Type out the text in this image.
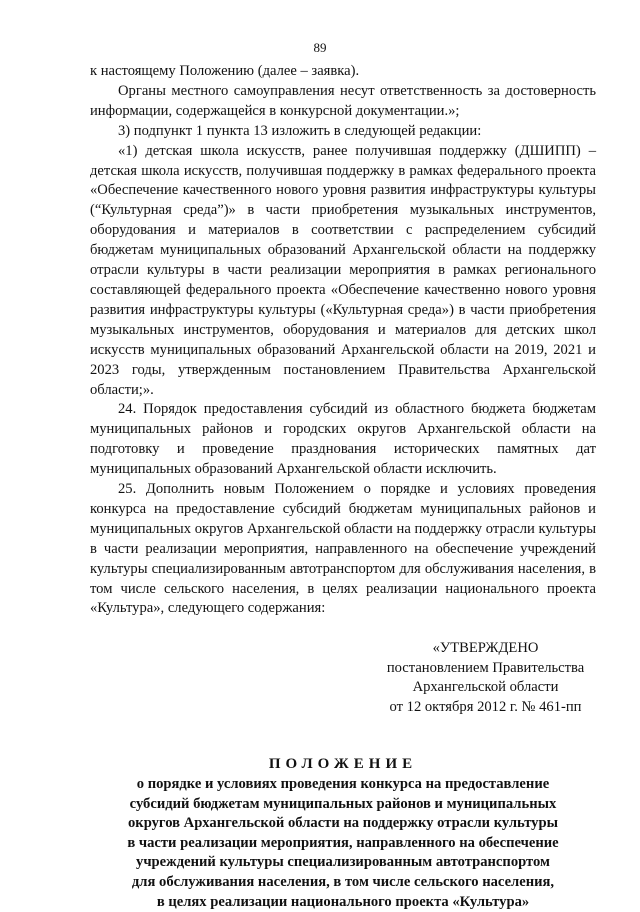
89

к настоящему Положению (далее – заявка).

Органы местного самоуправления несут ответственность за достоверность информации, содержащейся в конкурсной документации.»;

3) подпункт 1 пункта 13 изложить в следующей редакции:

«1) детская школа искусств, ранее получившая поддержку (ДШИПП) – детская школа искусств, получившая поддержку в рамках федерального проекта «Обеспечение качественного нового уровня развития инфраструктуры культуры (“Культурная среда”)» в части приобретения музыкальных инструментов, оборудования и материалов в соответствии с распределением субсидий бюджетам муниципальных образований Архангельской области на поддержку отрасли культуры в части реализации мероприятия в рамках регионального составляющей федерального проекта «Обеспечение качественно нового уровня развития инфраструктуры культуры («Культурная среда») в части приобретения музыкальных инструментов, оборудования и материалов для детских школ искусств муниципальных образований Архангельской области на 2019, 2021 и 2023 годы, утвержденным постановлением Правительства Архангельской области;».

24. Порядок предоставления субсидий из областного бюджета бюджетам муниципальных районов и городских округов Архангельской области на подготовку и проведение празднования исторических памятных дат муниципальных образований Архангельской области исключить.

25. Дополнить новым Положением о порядке и условиях проведения конкурса на предоставление субсидий бюджетам муниципальных районов и муниципальных округов Архангельской области на поддержку отрасли культуры в части реализации мероприятия, направленного на обеспечение учреждений культуры специализированным автотранспортом для обслуживания населения, в том числе сельского населения, в целях реализации национального проекта «Культура», следующего содержания:

«УТВЕРЖДЕНО
постановлением Правительства
Архангельской области
от 12 октября 2012 г. № 461-пп
ПОЛОЖЕНИЕ
о порядке и условиях проведения конкурса на предоставление
субсидий бюджетам муниципальных районов и муниципальных
округов Архангельской области на поддержку отрасли культуры
в части реализации мероприятия, направленного на обеспечение
учреждений культуры специализированным автотранспортом
для обслуживания населения, в том числе сельского населения,
в целях реализации национального проекта «Культура»
